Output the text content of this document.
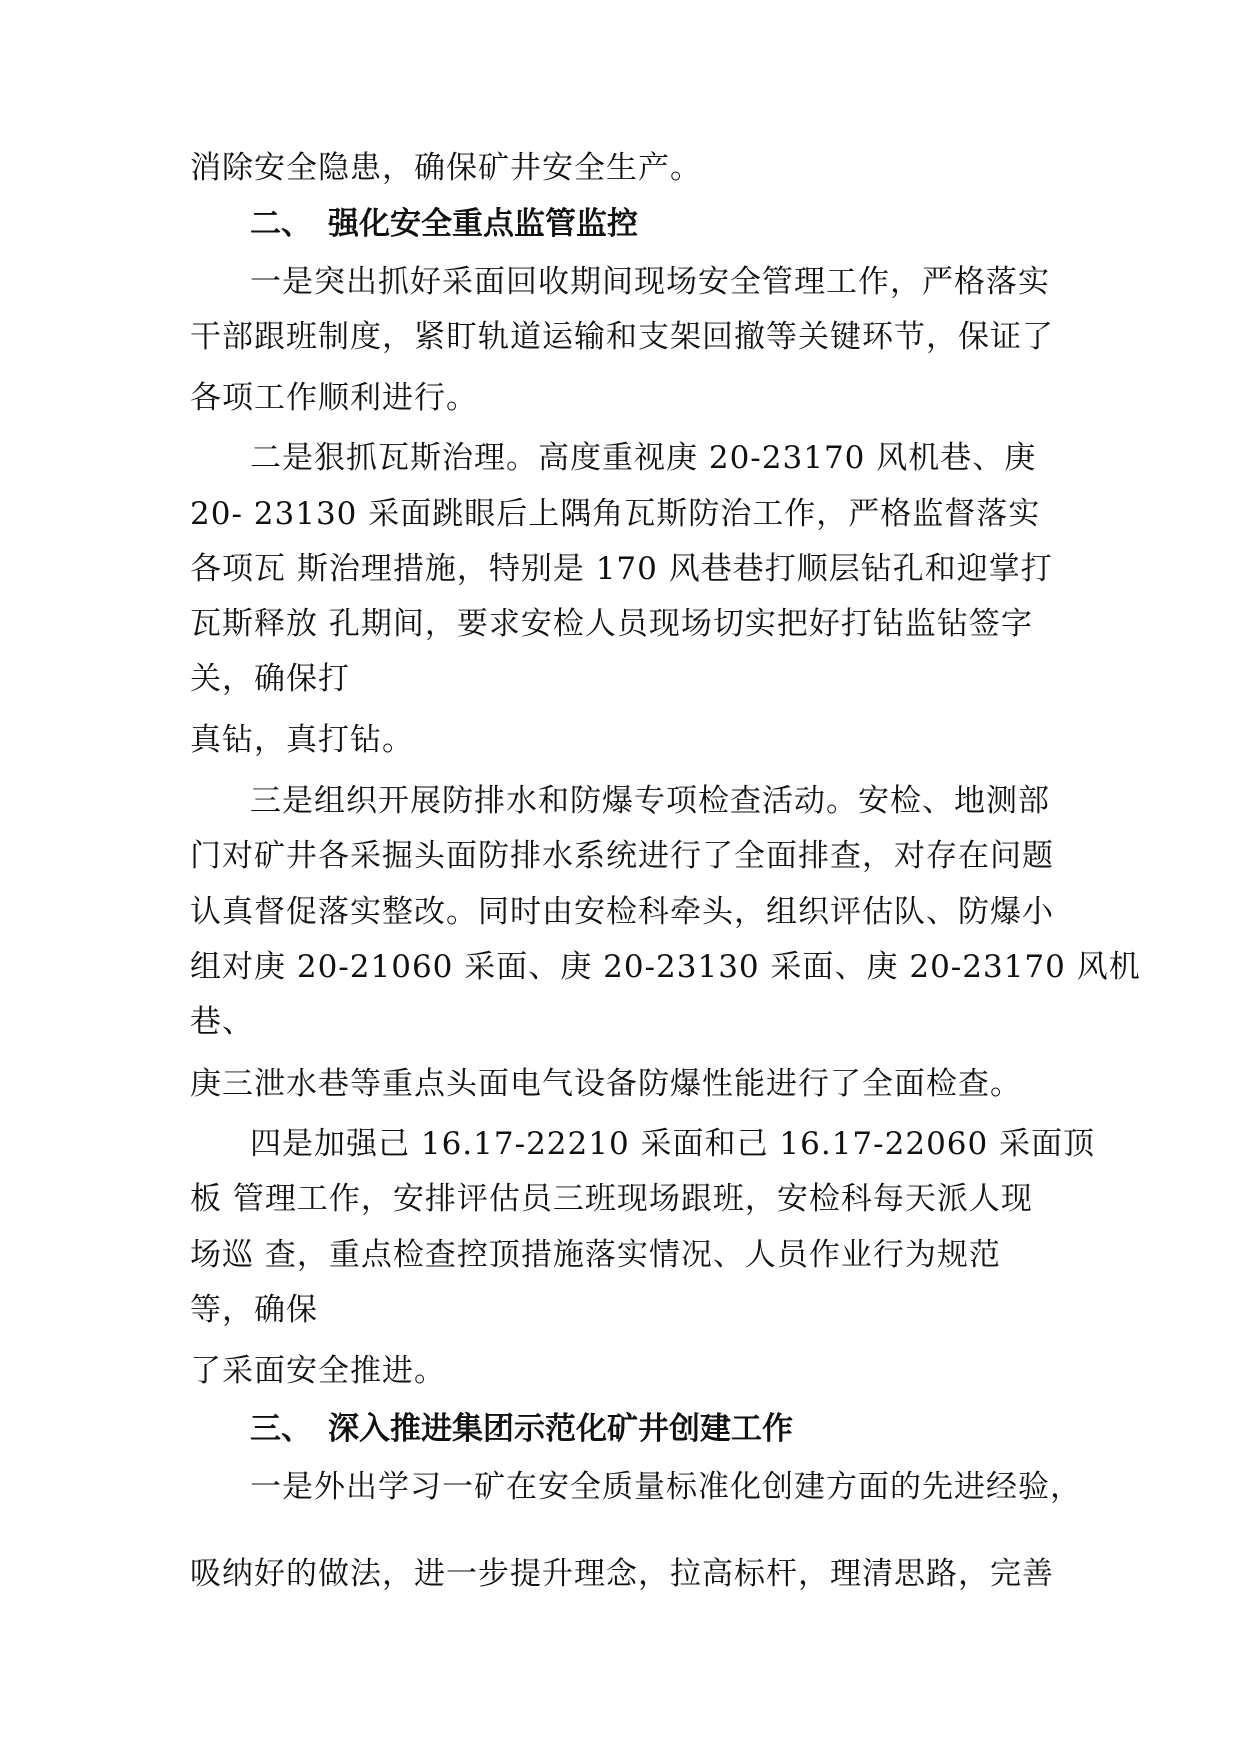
消除安全隐患，确保矿井安全生产。
二、 强化安全重点监管监控
一是突出抓好采面回收期间现场安全管理工作，严格落实
干部跟班制度，紧盯轨道运输和支架回撤等关键环节，保证了
各项工作顺利进行。
二是狠抓瓦斯治理。高度重视庚 20-23170 风机巷、庚
20- 23130 采面跳眼后上隅角瓦斯防治工作，严格监督落实
各项瓦 斯治理措施，特别是 170 风巷巷打顺层钻孔和迎掌打
瓦斯释放 孔期间，要求安检人员现场切实把好打钻监钻签字
关，确保打
真钻，真打钻。
三是组织开展防排水和防爆专项检查活动。安检、地测部
门对矿井各采掘头面防排水系统进行了全面排查，对存在问题
认真督促落实整改。同时由安检科牵头，组织评估队、防爆小
组对庚 20-21060 采面、庚 20-23130 采面、庚 20-23170 风机
巷、
庚三泄水巷等重点头面电气设备防爆性能进行了全面检查。
四是加强己 16.17-22210 采面和己 16.17-22060 采面顶
板 管理工作，安排评估员三班现场跟班，安检科每天派人现
场巡 查，重点检查控顶措施落实情况、人员作业行为规范
等，确保
了采面安全推进。
三、 深入推进集团示范化矿井创建工作
一是外出学习一矿在安全质量标准化创建方面的先进经验，
吸纳好的做法，进一步提升理念，拉高标杆，理清思路，完善
